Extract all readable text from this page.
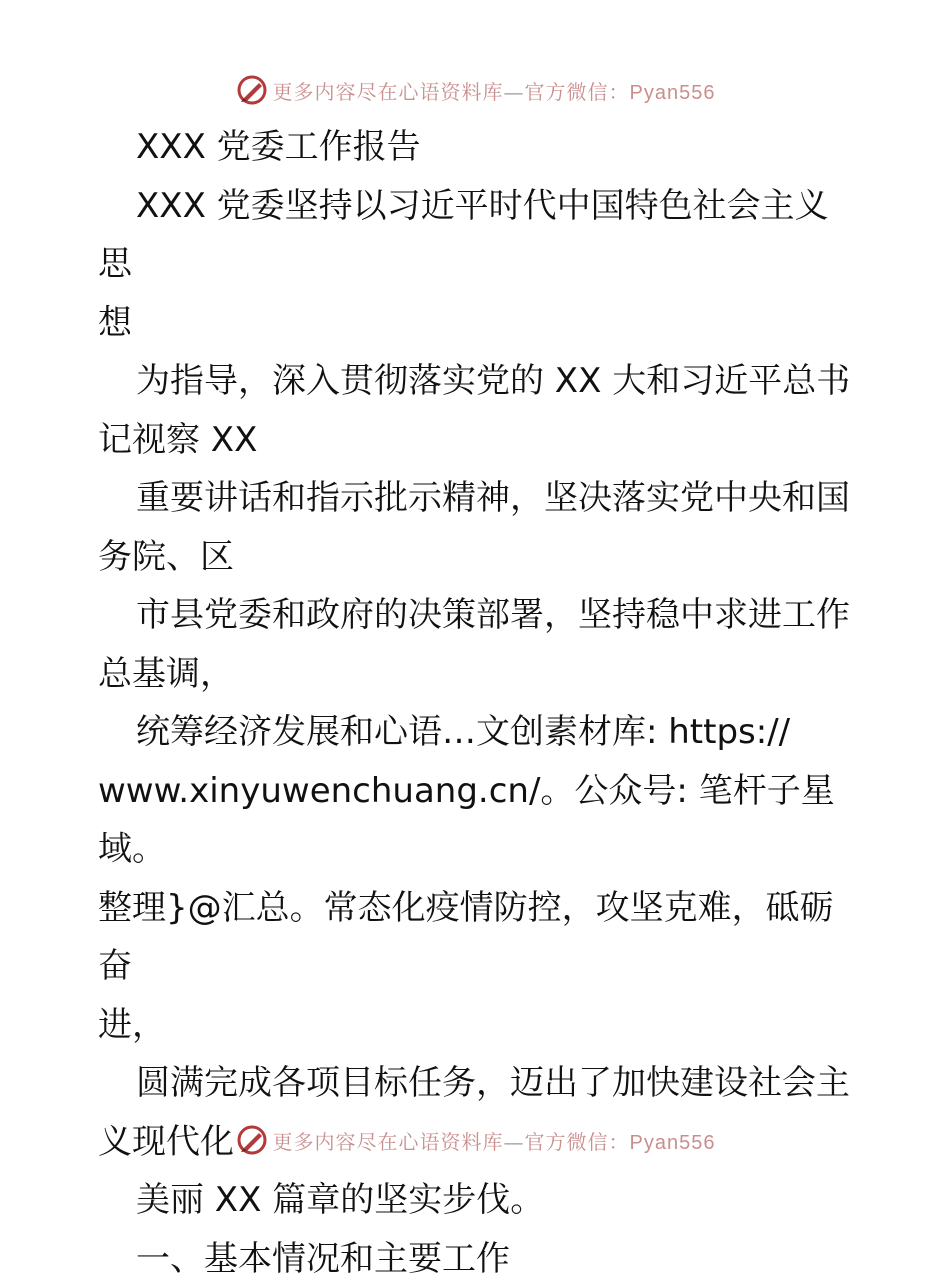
更多内容尽在心语资料库—官方微信：Pyan556

XXX 党委工作报告

XXX 党委坚持以习近平时代中国特色社会主义思

想

为指导，深入贯彻落实党的 XX 大和习近平总书

记视察 XX

重要讲话和指示批示精神，坚决落实党中央和国

务院、区

市县党委和政府的决策部署，坚持稳中求进工作

总基调，

统筹经济发展和心语…文创素材库: https://

www.xinyuwenchuang.cn/。公众号: 笔杆子星域。

整理}@汇总。常态化疫情防控，攻坚克难，砥砺奋

进，

圆满完成各项目标任务，迈出了加快建设社会主

义现代化

美丽 XX 篇章的坚实步伐。

一、基本情况和主要工作

更多内容尽在心语资料库—官方微信：Pyan556
